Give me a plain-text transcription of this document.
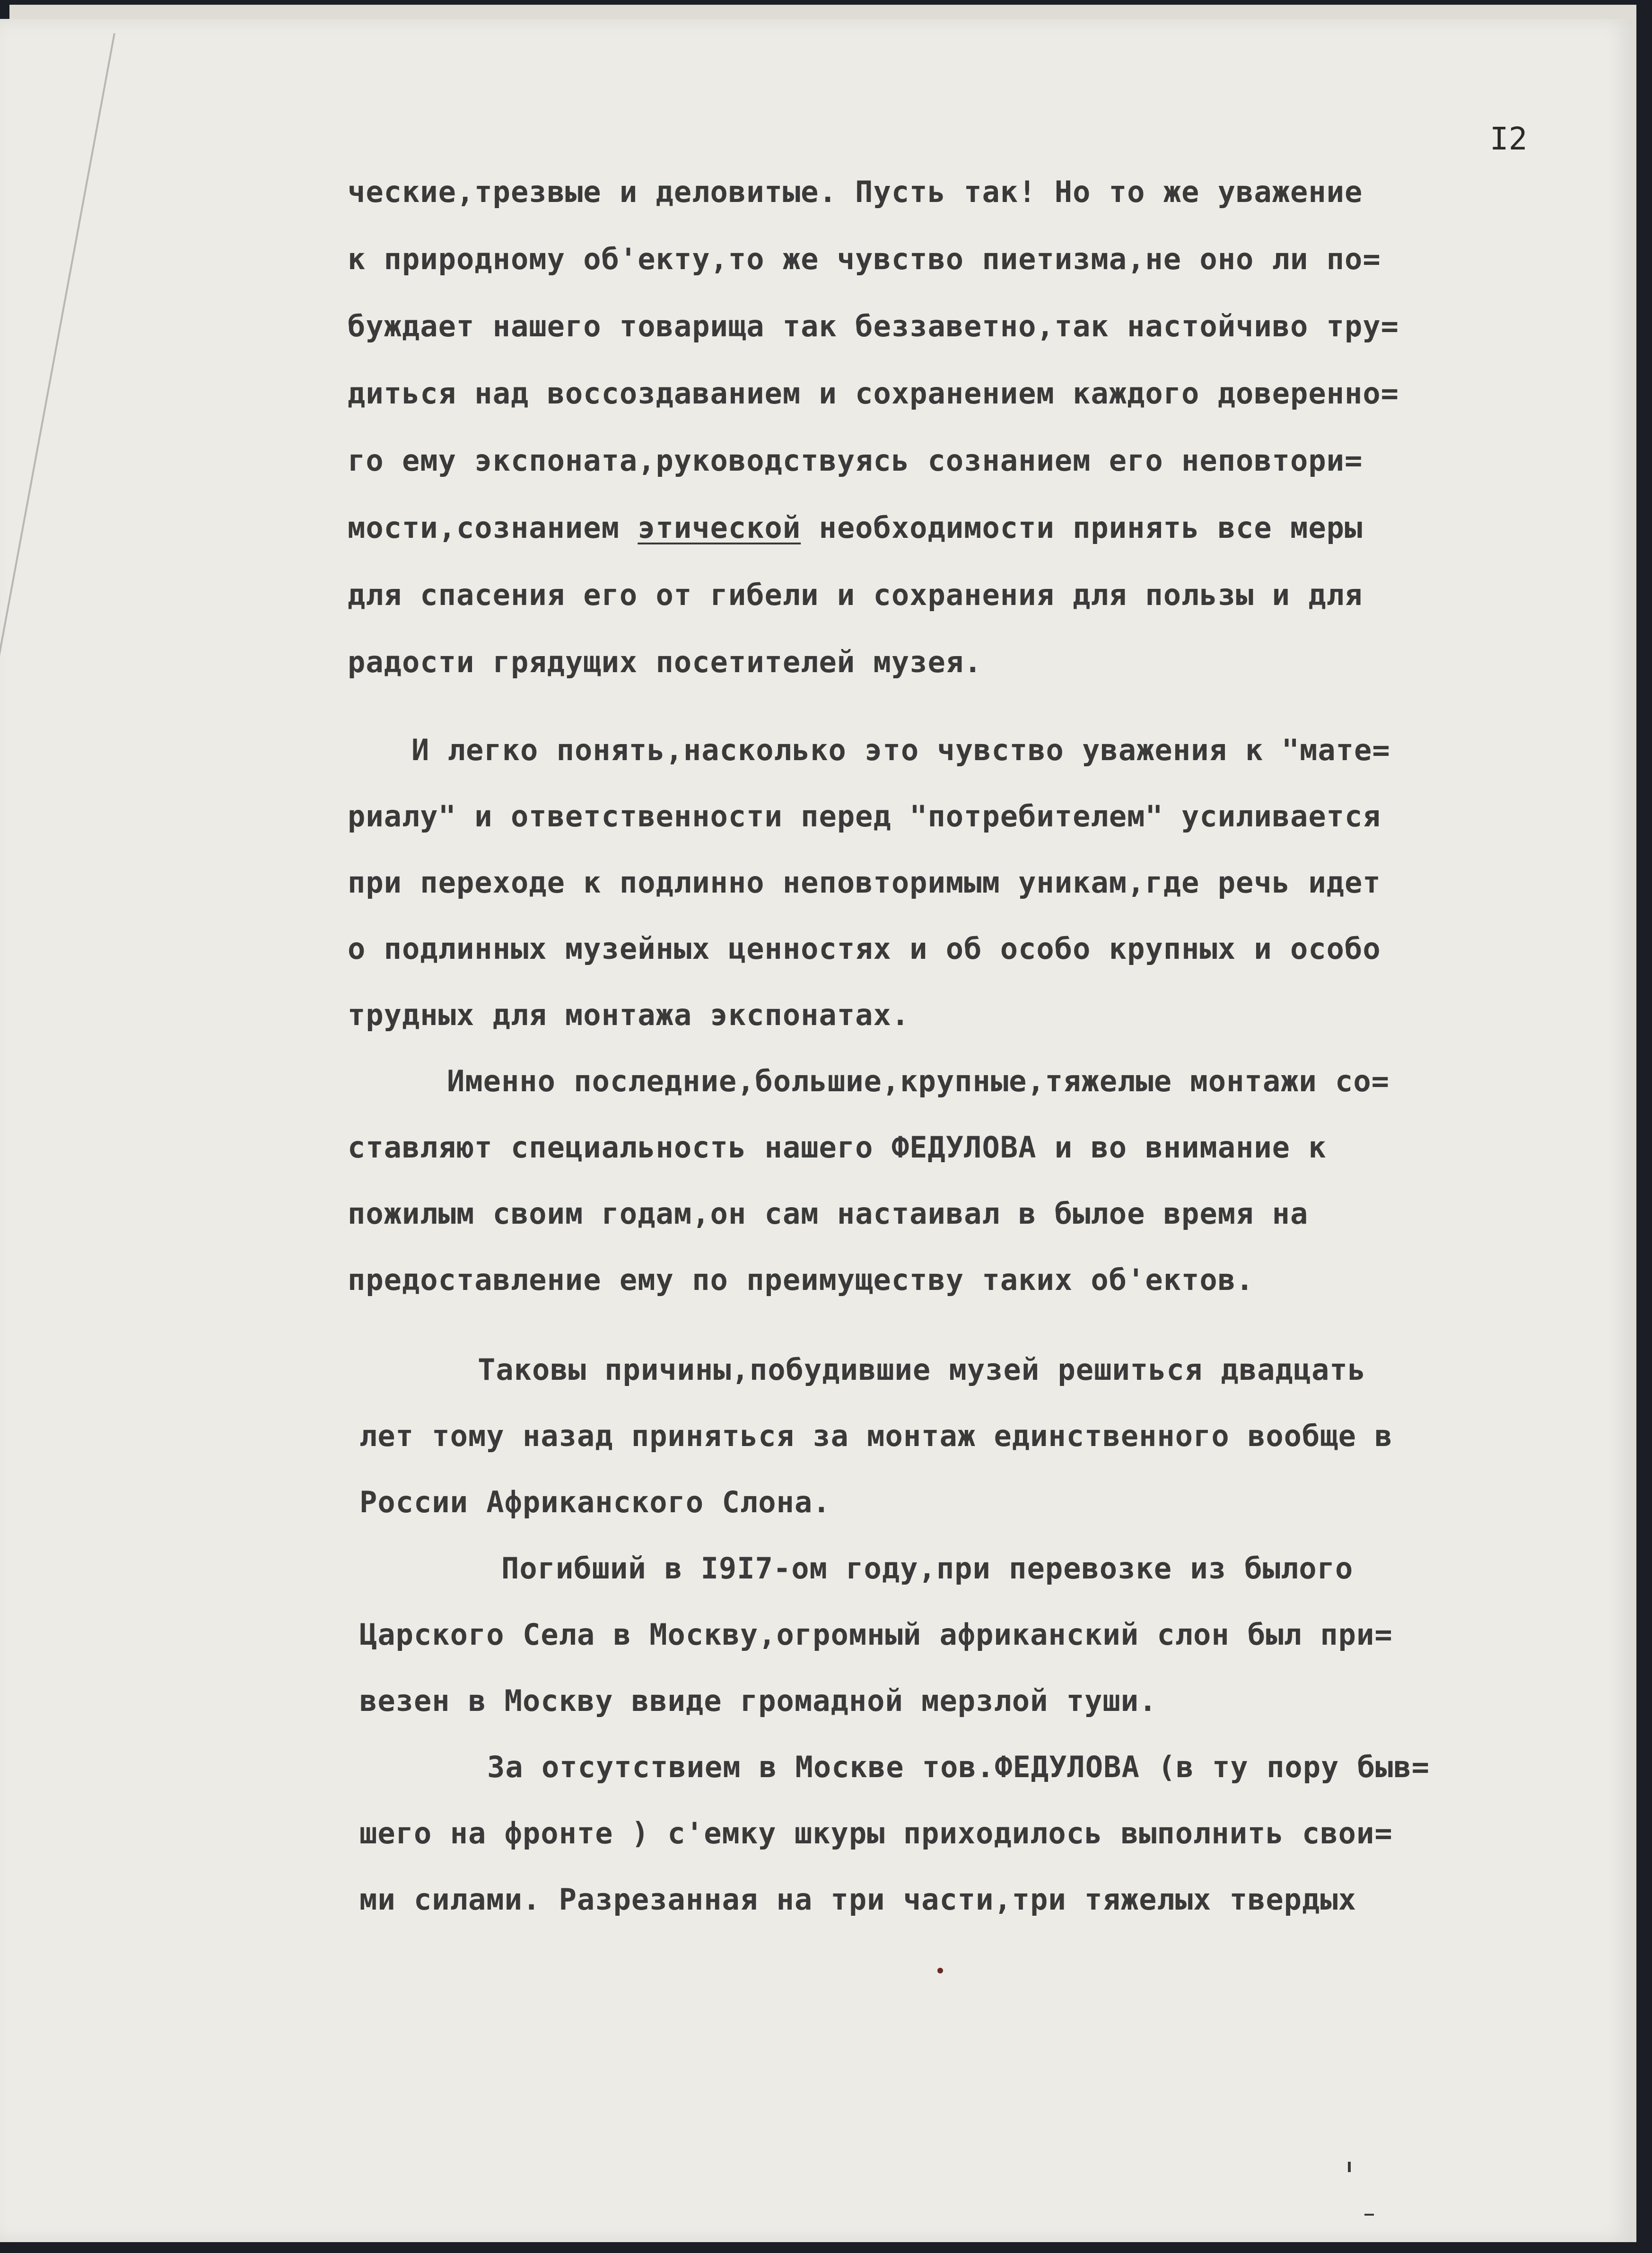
I2
ческие,трезвые и деловитые. Пусть так! Но то же уважение
к природному об'екту,то же чувство пиетизма,не оно ли по=
буждает нашего товарища так беззаветно,так настойчиво тру=
диться над воссоздаванием и сохранением каждого доверенно=
го ему экспоната,руководствуясь сознанием его неповтори=
мости,сознанием этической необходимости принять все меры
для спасения его от гибели и сохранения для пользы и для
радости грядущих посетителей музея.
И легко понять,насколько это чувство уважения к "мате=
риалу" и ответственности перед "потребителем" усиливается
при переходе к подлинно неповторимым уникам,где речь идет
о подлинных музейных ценностях и об особо крупных и особо
трудных для монтажа экспонатах.
Именно последние,большие,крупные,тяжелые монтажи со=
ставляют специальность нашего ФЕДУЛОВА и во внимание к
пожилым своим годам,он сам настаивал в былое время на
предоставление ему по преимуществу таких об'ектов.
Таковы причины,побудившие музей решиться двадцать
лет тому назад приняться за монтаж единственного вообще в
России Африканского Слона.
Погибший в I9I7-ом году,при перевозке из былого
Царского Села в Москву,огромный африканский слон был при=
везен в Москву ввиде громадной мерзлой туши.
За отсутствием в Москве тов.ФЕДУЛОВА (в ту пору быв=
шего на фронте ) с'емку шкуры приходилось выполнить свои=
ми силами. Разрезанная на три части,три тяжелых твердых
